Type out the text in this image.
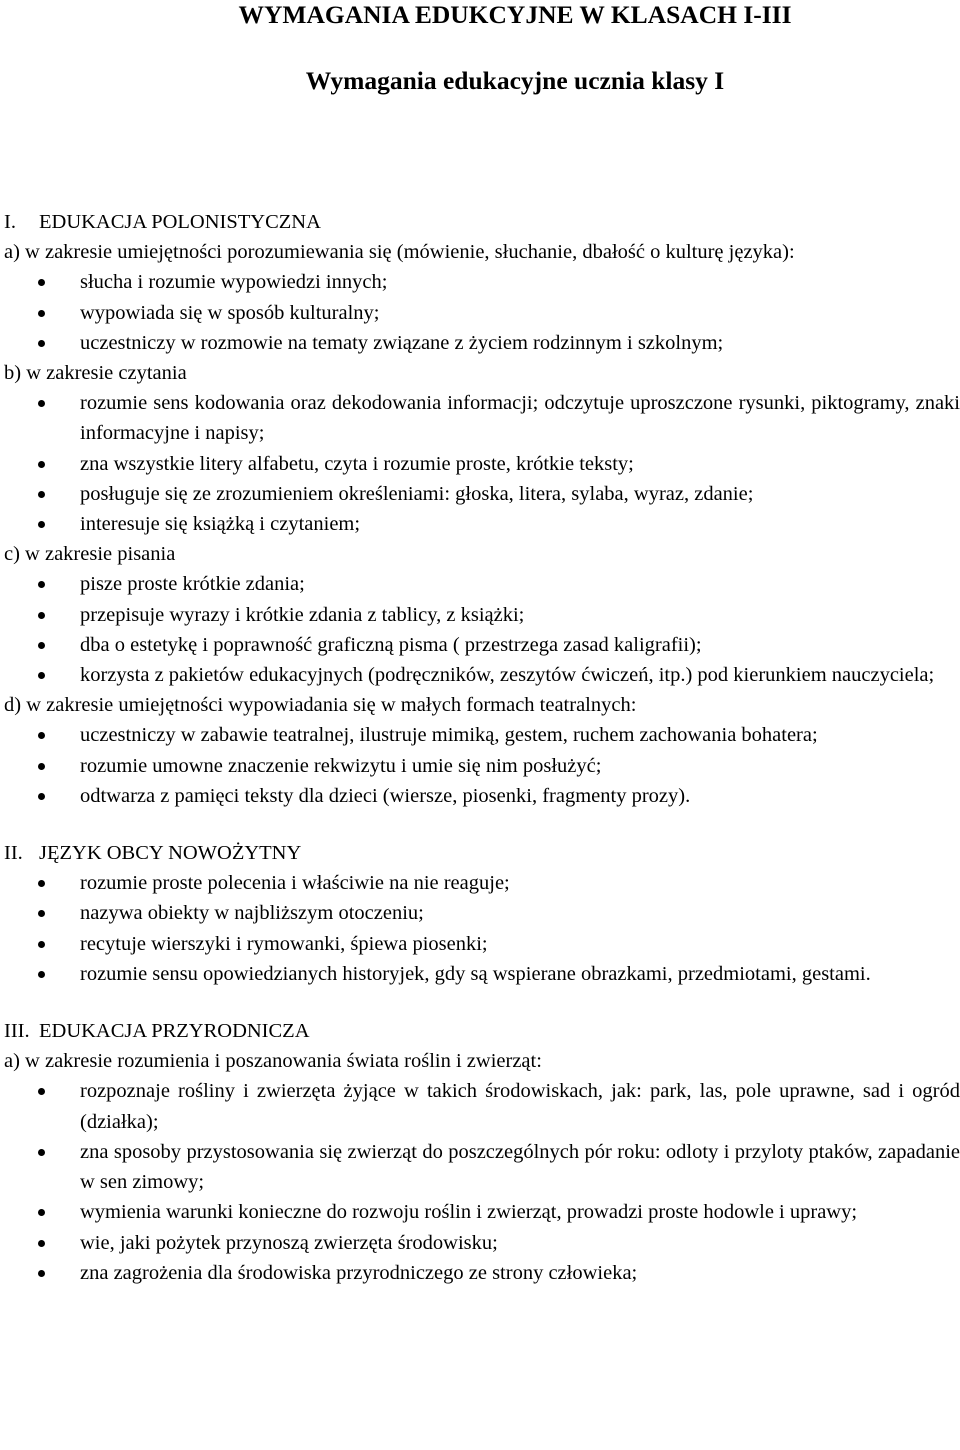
WYMAGANIA EDUKCYJNE W KLASACH I-III
Wymagania edukacyjne ucznia klasy I
I. EDUKACJA POLONISTYCZNA
a) w zakresie umiejętności porozumiewania się (mówienie, słuchanie, dbałość o kulturę języka):
słucha i rozumie wypowiedzi innych;
wypowiada się w sposób kulturalny;
uczestniczy w rozmowie na tematy związane z życiem rodzinnym i szkolnym;
b) w zakresie czytania
rozumie sens kodowania oraz dekodowania informacji; odczytuje uproszczone rysunki, piktogramy, znaki informacyjne i napisy;
zna wszystkie litery alfabetu, czyta i rozumie proste, krótkie teksty;
posługuje się ze zrozumieniem określeniami: głoska, litera, sylaba, wyraz, zdanie;
interesuje się książką i czytaniem;
c) w zakresie pisania
pisze proste krótkie zdania;
przepisuje wyrazy i krótkie zdania z tablicy, z książki;
dba o estetykę i poprawność graficzną pisma ( przestrzega zasad kaligrafii);
korzysta z pakietów edukacyjnych (podręczników, zeszytów ćwiczeń, itp.) pod kierunkiem nauczyciela;
d) w zakresie umiejętności wypowiadania się w małych formach teatralnych:
uczestniczy w zabawie teatralnej, ilustruje mimiką, gestem, ruchem zachowania bohatera;
rozumie umowne znaczenie rekwizytu i umie się nim posłużyć;
odtwarza z pamięci teksty dla dzieci (wiersze, piosenki, fragmenty prozy).
II. JĘZYK OBCY NOWOŻYTNY
rozumie proste polecenia i właściwie na nie reaguje;
nazywa obiekty w najbliższym otoczeniu;
recytuje wierszyki i rymowanki, śpiewa piosenki;
rozumie sensu opowiedzianych historyjek, gdy są wspierane obrazkami, przedmiotami, gestami.
III. EDUKACJA PRZYRODNICZA
a) w zakresie rozumienia i poszanowania świata roślin i zwierząt:
rozpoznaje rośliny i zwierzęta żyjące w takich środowiskach, jak: park, las, pole uprawne, sad i ogród (działka);
zna sposoby przystosowania się zwierząt do poszczególnych pór roku: odloty i przyloty ptaków, zapadanie w sen zimowy;
wymienia warunki konieczne do rozwoju roślin i zwierząt, prowadzi proste hodowle i uprawy;
wie, jaki pożytek przynoszą zwierzęta środowisku;
zna zagrożenia dla środowiska przyrodniczego ze strony człowieka;
